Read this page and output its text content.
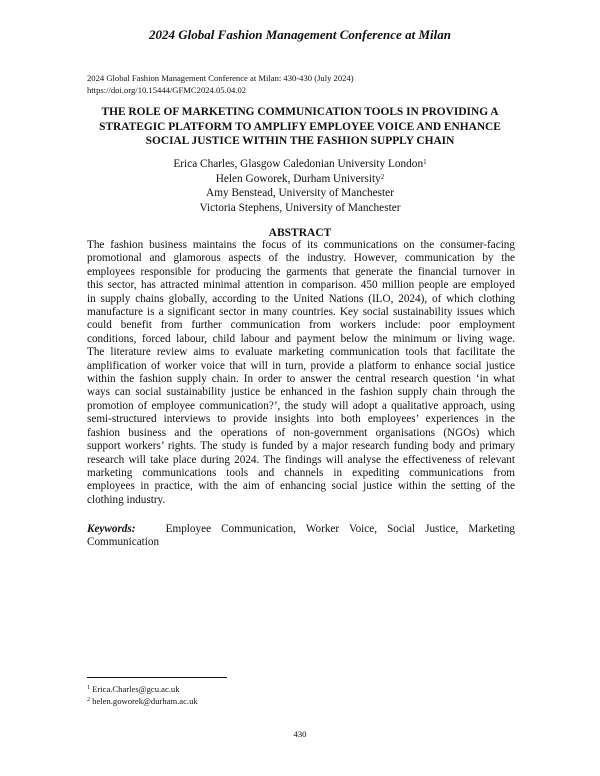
2024 Global Fashion Management Conference at Milan
2024 Global Fashion Management Conference at Milan: 430-430 (July 2024)
https://doi.org/10.15444/GFMC2024.05.04.02
THE ROLE OF MARKETING COMMUNICATION TOOLS IN PROVIDING A
STRATEGIC PLATFORM TO AMPLIFY EMPLOYEE VOICE AND ENHANCE
SOCIAL JUSTICE WITHIN THE FASHION SUPPLY CHAIN
Erica Charles, Glasgow Caledonian University London$^1$
Helen Goworek, Durham University$^2$
Amy Benstead, University of Manchester
Victoria Stephens, University of Manchester
ABSTRACT
The fashion business maintains the focus of its communications on the consumer-facing
promotional and glamorous aspects of the industry. However, communication by the
employees responsible for producing the garments that generate the financial turnover in
this sector, has attracted minimal attention in comparison. 450 million people are employed
in supply chains globally, according to the United Nations (ILO, 2024), of which clothing
manufacture is a significant sector in many countries. Key social sustainability issues which
could benefit from further communication from workers include: poor employment
conditions, forced labour, child labour and payment below the minimum or living wage.
The literature review aims to evaluate marketing communication tools that facilitate the
amplification of worker voice that will in turn, provide a platform to enhance social justice
within the fashion supply chain. In order to answer the central research question ‘in what
ways can social sustainability justice be enhanced in the fashion supply chain through the
promotion of employee communication?’, the study will adopt a qualitative approach, using
semi-structured interviews to provide insights into both employees’ experiences in the
fashion business and the operations of non-government organisations (NGOs) which
support workers’ rights. The study is funded by a major research funding body and primary
research will take place during 2024. The findings will analyse the effectiveness of relevant
marketing communications tools and channels in expediting communications from
employees in practice, with the aim of enhancing social justice within the setting of the
clothing industry.
Keywords:	Employee Communication, Worker Voice, Social Justice, Marketing
Communication
$^1$ Erica.Charles@gcu.ac.uk
$^2$ helen.goworek@durham.ac.uk
430
